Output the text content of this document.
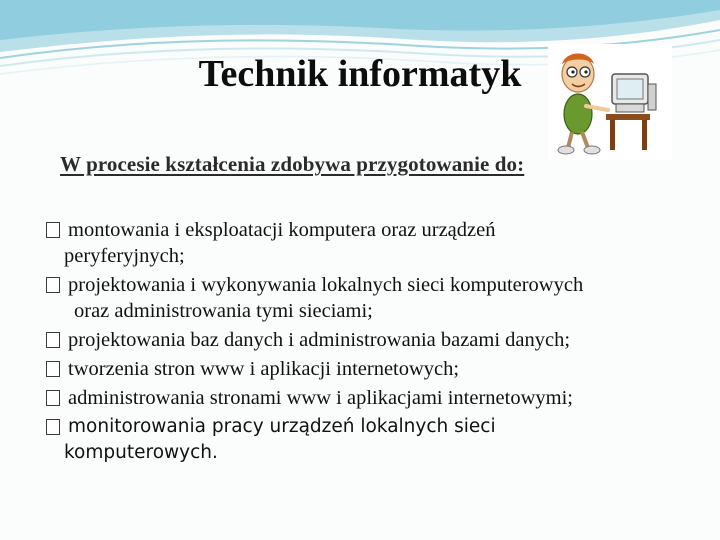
Technik informatyk
W procesie kształcenia zdobywa przygotowanie do:
montowania i eksploatacji komputera oraz urządzeń
peryferyjnych;
projektowania i wykonywania lokalnych sieci komputerowych
oraz administrowania tymi sieciami;
projektowania baz danych i administrowania bazami danych;
tworzenia stron www i aplikacji internetowych;
administrowania stronami www i aplikacjami internetowymi;
monitorowania pracy urządzeń lokalnych sieci
komputerowych.
